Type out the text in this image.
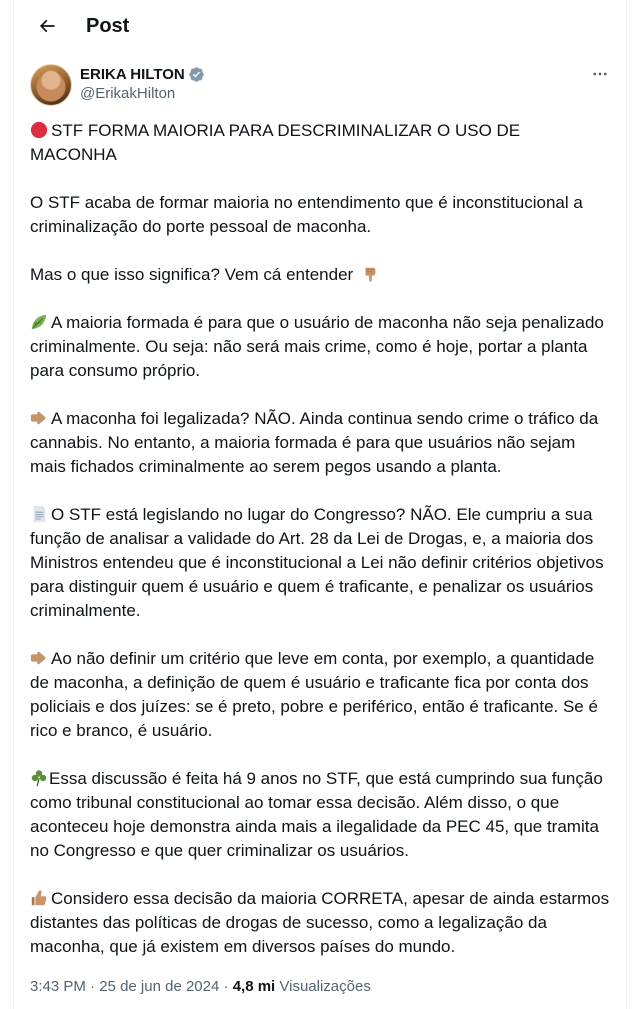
Post
ERIKA HILTON
@ErikakHilton

STF FORMA MAIORIA PARA DESCRIMINALIZAR O USO DE MACONHA

O STF acaba de formar maioria no entendimento que é inconstitucional a criminalização do porte pessoal de maconha.

Mas o que isso significa? Vem cá entender

A maioria formada é para que o usuário de maconha não seja penalizado criminalmente. Ou seja: não será mais crime, como é hoje, portar a planta para consumo próprio.

A maconha foi legalizada? NÃO. Ainda continua sendo crime o tráfico da cannabis. No entanto, a maioria formada é para que usuários não sejam mais fichados criminalmente ao serem pegos usando a planta.

O STF está legislando no lugar do Congresso? NÃO. Ele cumpriu a sua função de analisar a validade do Art. 28 da Lei de Drogas, e, a maioria dos Ministros entendeu que é inconstitucional a Lei não definir critérios objetivos para distinguir quem é usuário e quem é traficante, e penalizar os usuários criminalmente.

Ao não definir um critério que leve em conta, por exemplo, a quantidade de maconha, a definição de quem é usuário e traficante fica por conta dos policiais e dos juízes: se é preto, pobre e periférico, então é traficante. Se é rico e branco, é usuário.

Essa discussão é feita há 9 anos no STF, que está cumprindo sua função como tribunal constitucional ao tomar essa decisão. Além disso, o que aconteceu hoje demonstra ainda mais a ilegalidade da PEC 45, que tramita no Congresso e que quer criminalizar os usuários.

Considero essa decisão da maioria CORRETA, apesar de ainda estarmos distantes das políticas de drogas de sucesso, como a legalização da maconha, que já existem em diversos países do mundo.

3:43 PM · 25 de jun de 2024 · 4,8 mi Visualizações
